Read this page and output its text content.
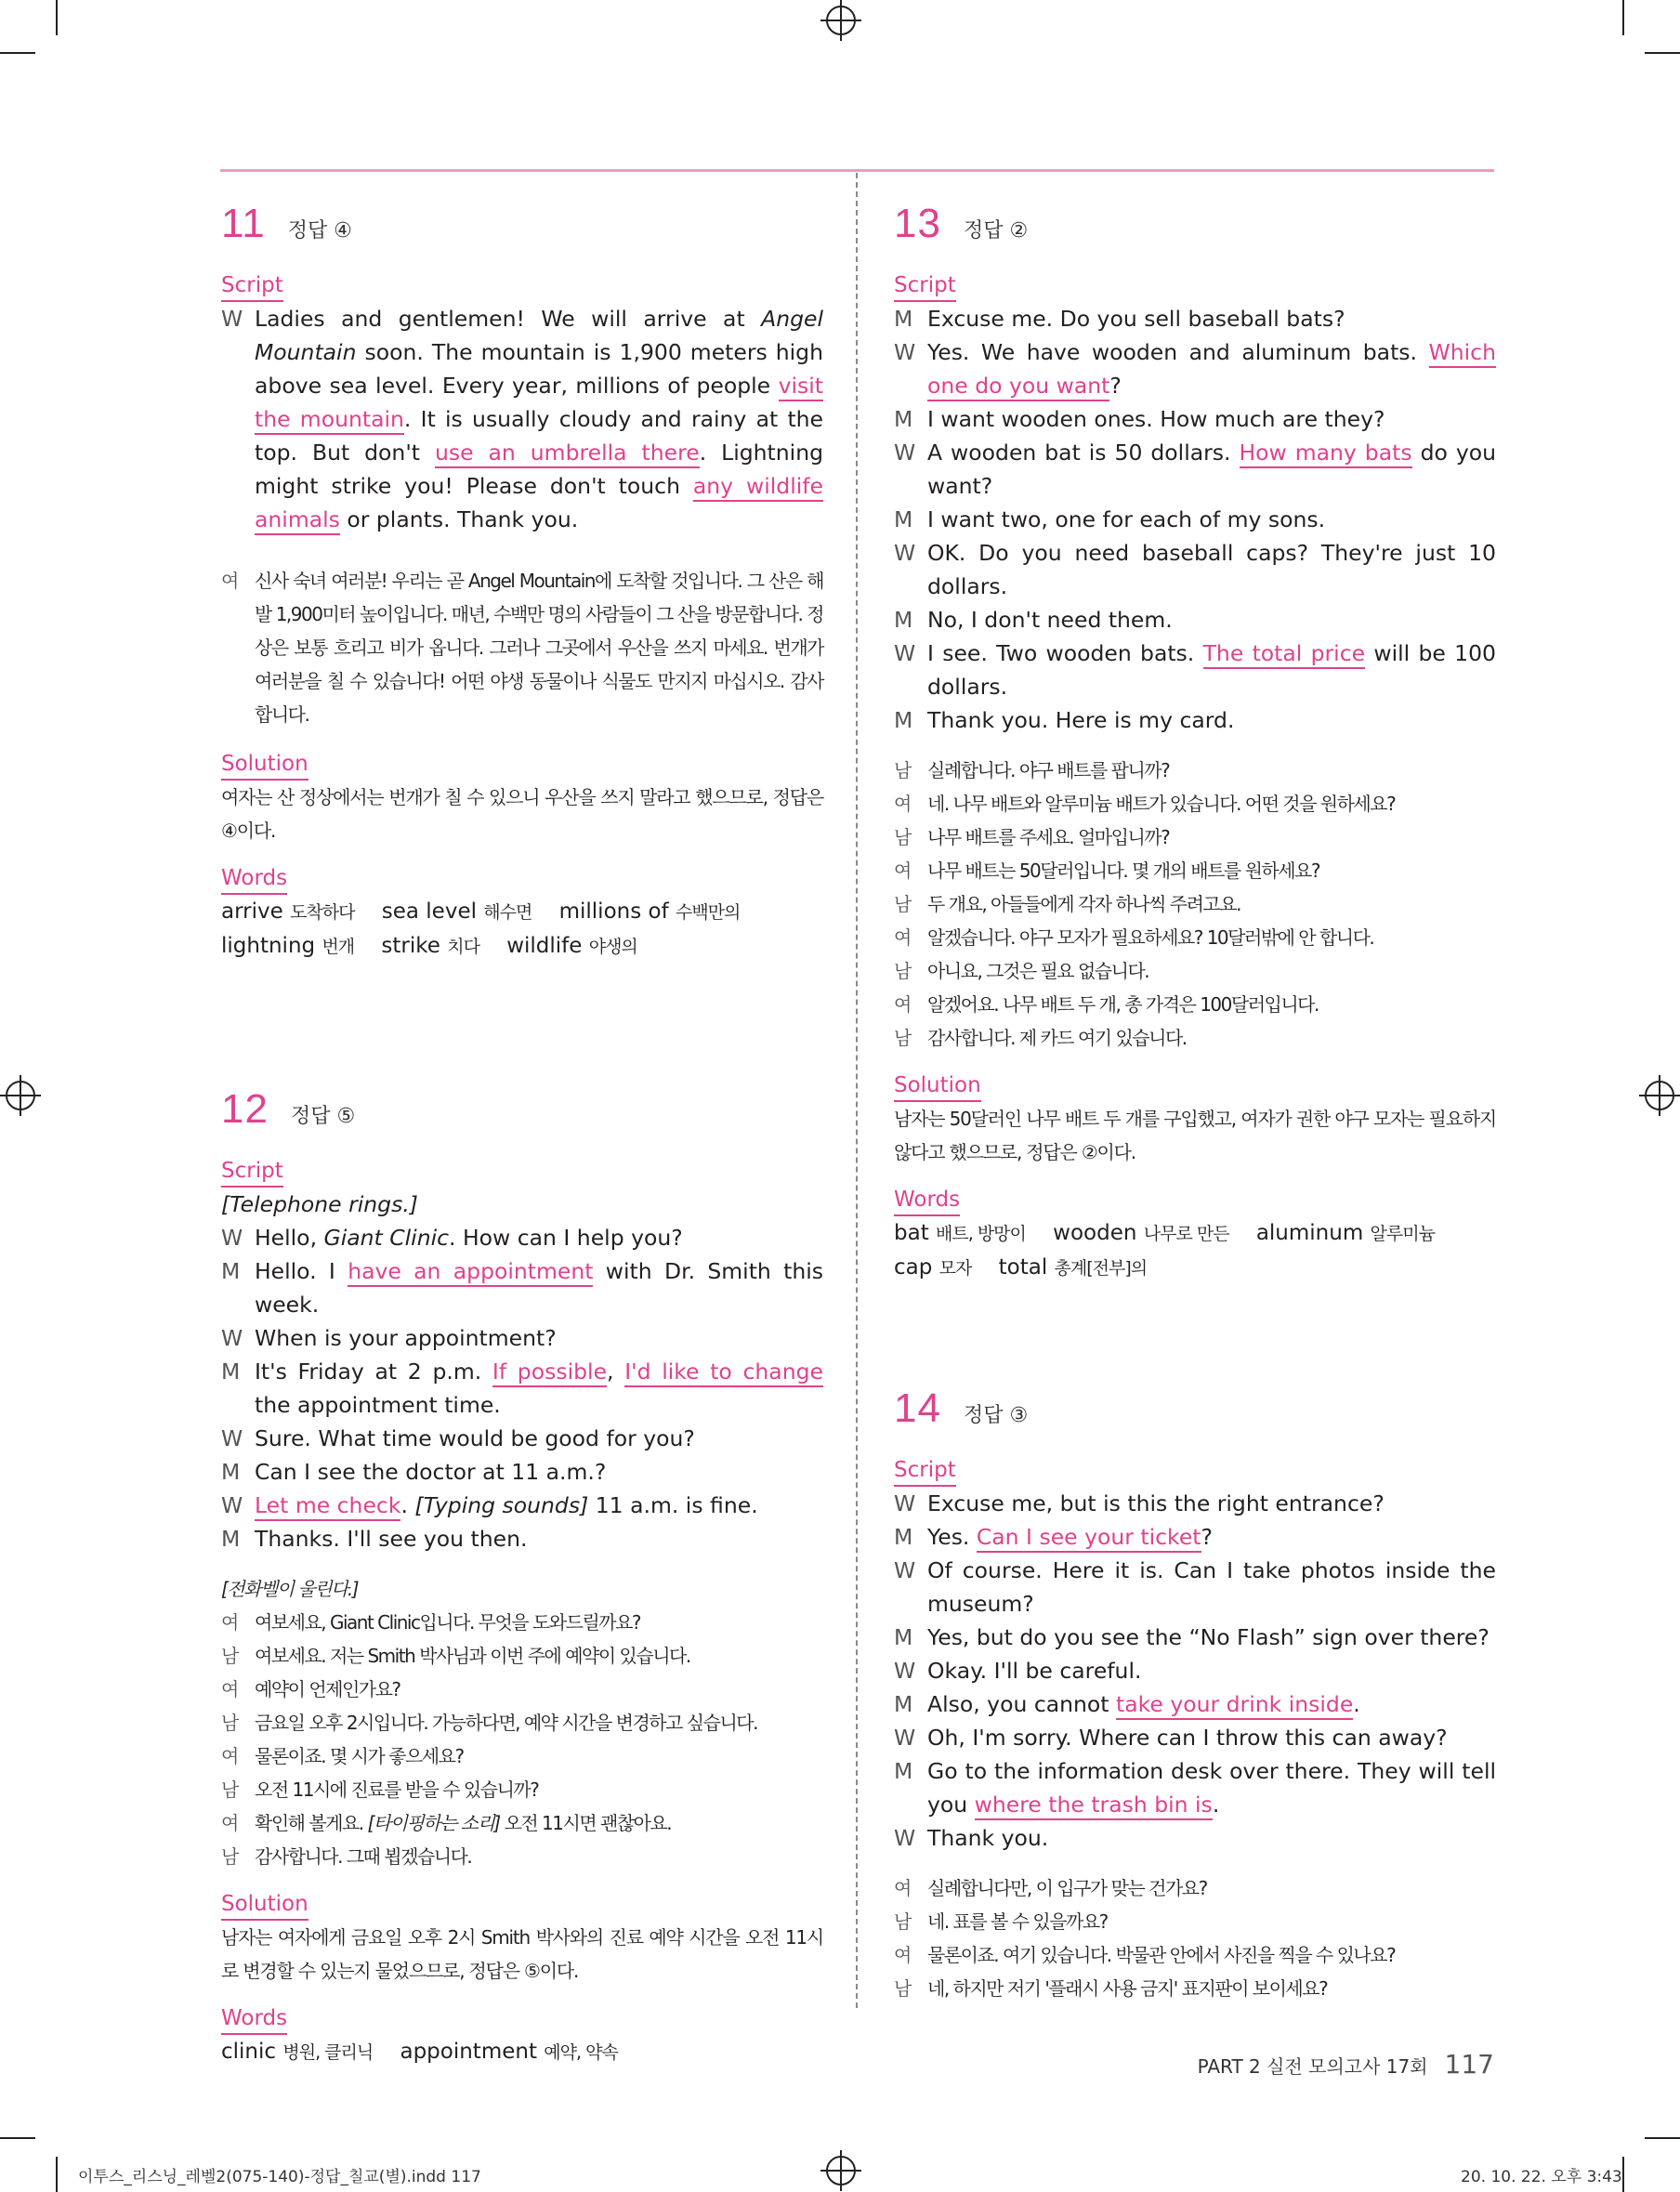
11 정답 ④
Script
W Ladies and gentlemen! We will arrive at Angel Mountain soon. The mountain is 1,900 meters high above sea level. Every year, millions of people visit the mountain. It is usually cloudy and rainy at the top. But don't use an umbrella there. Lightning might strike you! Please don't touch any wildlife animals or plants. Thank you.
여 신사 숙녀 여러분! 우리는 곧 Angel Mountain에 도착할 것입니다. 그 산은 해발 1,900미터 높이입니다. 매년, 수백만 명의 사람들이 그 산을 방문합니다. 정상은 보통 흐리고 비가 옵니다. 그러나 그곳에서 우산을 쓰지 마세요. 번개가 여러분을 칠 수 있습니다! 어떤 야생 동물이나 식물도 만지지 마십시오. 감사합니다.
Solution
여자는 산 정상에서는 번개가 칠 수 있으니 우산을 쓰지 말라고 했으므로, 정답은 ④이다.
Words
arrive 도착하다 sea level 해수면 millions of 수백만의
lightning 번개 strike 치다 wildlife 야생의
12 정답 ⑤
Script
[Telephone rings.]
W Hello, Giant Clinic. How can I help you?
M Hello. I have an appointment with Dr. Smith this week.
W When is your appointment?
M It's Friday at 2 p.m. If possible, I'd like to change the appointment time.
W Sure. What time would be good for you?
M Can I see the doctor at 11 a.m.?
W Let me check. [Typing sounds] 11 a.m. is fine.
M Thanks. I'll see you then.
[전화벨이 울린다.]
여 여보세요, Giant Clinic입니다. 무엇을 도와드릴까요?
남 여보세요. 저는 Smith 박사님과 이번 주에 예약이 있습니다.
여 예약이 언제인가요?
남 금요일 오후 2시입니다. 가능하다면, 예약 시간을 변경하고 싶습니다.
여 물론이죠. 몇 시가 좋으세요?
남 오전 11시에 진료를 받을 수 있습니까?
여 확인해 볼게요. [타이핑하는 소리] 오전 11시면 괜찮아요.
남 감사합니다. 그때 뵙겠습니다.
Solution
남자는 여자에게 금요일 오후 2시 Smith 박사와의 진료 예약 시간을 오전 11시로 변경할 수 있는지 물었으므로, 정답은 ⑤이다.
Words
clinic 병원, 클리닉 appointment 예약, 약속
13 정답 ②
Script
M Excuse me. Do you sell baseball bats?
W Yes. We have wooden and aluminum bats. Which one do you want?
M I want wooden ones. How much are they?
W A wooden bat is 50 dollars. How many bats do you want?
M I want two, one for each of my sons.
W OK. Do you need baseball caps? They're just 10 dollars.
M No, I don't need them.
W I see. Two wooden bats. The total price will be 100 dollars.
M Thank you. Here is my card.
남 실례합니다. 야구 배트를 팝니까?
여 네. 나무 배트와 알루미늄 배트가 있습니다. 어떤 것을 원하세요?
남 나무 배트를 주세요. 얼마입니까?
여 나무 배트는 50달러입니다. 몇 개의 배트를 원하세요?
남 두 개요, 아들들에게 각자 하나씩 주려고요.
여 알겠습니다. 야구 모자가 필요하세요? 10달러밖에 안 합니다.
남 아니요, 그것은 필요 없습니다.
여 알겠어요. 나무 배트 두 개, 총 가격은 100달러입니다.
남 감사합니다. 제 카드 여기 있습니다.
Solution
남자는 50달러인 나무 배트 두 개를 구입했고, 여자가 권한 야구 모자는 필요하지 않다고 했으므로, 정답은 ②이다.
Words
bat 배트, 방망이 wooden 나무로 만든 aluminum 알루미늄
cap 모자 total 총계[전부]의
14 정답 ③
Script
W Excuse me, but is this the right entrance?
M Yes. Can I see your ticket?
W Of course. Here it is. Can I take photos inside the museum?
M Yes, but do you see the “No Flash” sign over there?
W Okay. I'll be careful.
M Also, you cannot take your drink inside.
W Oh, I'm sorry. Where can I throw this can away?
M Go to the information desk over there. They will tell you where the trash bin is.
W Thank you.
여 실례합니다만, 이 입구가 맞는 건가요?
남 네. 표를 볼 수 있을까요?
여 물론이죠. 여기 있습니다. 박물관 안에서 사진을 찍을 수 있나요?
남 네, 하지만 저기 '플래시 사용 금지' 표지판이 보이세요?
PART 2 실전 모의고사 17회 117
이투스_리스닝_레벨2(075-140)-정답_칠교(별).indd 117	20. 10. 22. 오후 3:43
